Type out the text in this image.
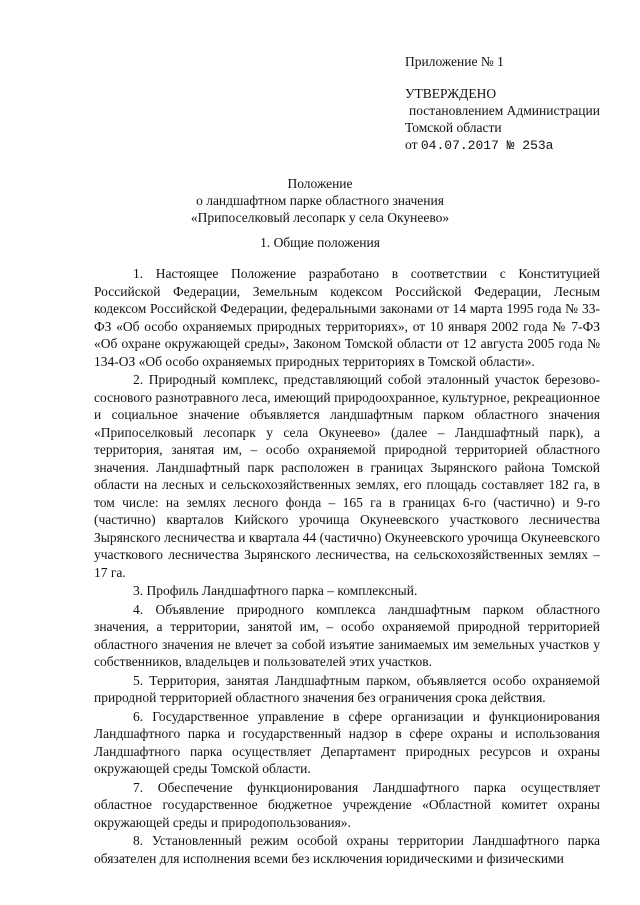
Приложение № 1
УТВЕРЖДЕНО
постановлением Администрации
Томской области
от 04.07.2017 № 253а
Положение
о ландшафтном парке областного значения
«Припоселковый лесопарк у села Окунеево»
1. Общие положения

1. Настоящее Положение разработано в соответствии с Конституцией Российской Федерации, Земельным кодексом Российской Федерации, Лесным кодексом Российской Федерации, федеральными законами от 14 марта 1995 года № 33-ФЗ «Об особо охраняемых природных территориях», от 10 января 2002 года № 7-ФЗ «Об охране окружающей среды», Законом Томской области от 12 августа 2005 года № 134-ОЗ «Об особо охраняемых природных территориях в Томской области».

2. Природный комплекс, представляющий собой эталонный участок березово-соснового разнотравного леса, имеющий природоохранное, культурное, рекреационное и социальное значение объявляется ландшафтным парком областного значения «Припоселковый лесопарк у села Окунеево» (далее – Ландшафтный парк), а территория, занятая им, – особо охраняемой природной территорией областного значения. Ландшафтный парк расположен в границах Зырянского района Томской области на лесных и сельскохозяйственных землях, его площадь составляет 182 га, в том числе: на землях лесного фонда – 165 га в границах 6-го (частично) и 9-го (частично) кварталов Кийского урочища Окунеевского участкового лесничества Зырянского лесничества и квартала 44 (частично) Окунеевского урочища Окунеевского участкового лесничества Зырянского лесничества, на сельскохозяйственных землях – 17 га.

3. Профиль Ландшафтного парка – комплексный.

4. Объявление природного комплекса ландшафтным парком областного значения, а территории, занятой им, – особо охраняемой природной территорией областного значения не влечет за собой изъятие занимаемых им земельных участков у собственников, владельцев и пользователей этих участков.

5. Территория, занятая Ландшафтным парком, объявляется особо охраняемой природной территорией областного значения без ограничения срока действия.

6. Государственное управление в сфере организации и функционирования Ландшафтного парка и государственный надзор в сфере охраны и использования Ландшафтного парка осуществляет Департамент природных ресурсов и охраны окружающей среды Томской области.

7. Обеспечение функционирования Ландшафтного парка осуществляет областное государственное бюджетное учреждение «Областной комитет охраны окружающей среды и природопользования».

8. Установленный режим особой охраны территории Ландшафтного парка обязателен для исполнения всеми без исключения юридическими и физическими
